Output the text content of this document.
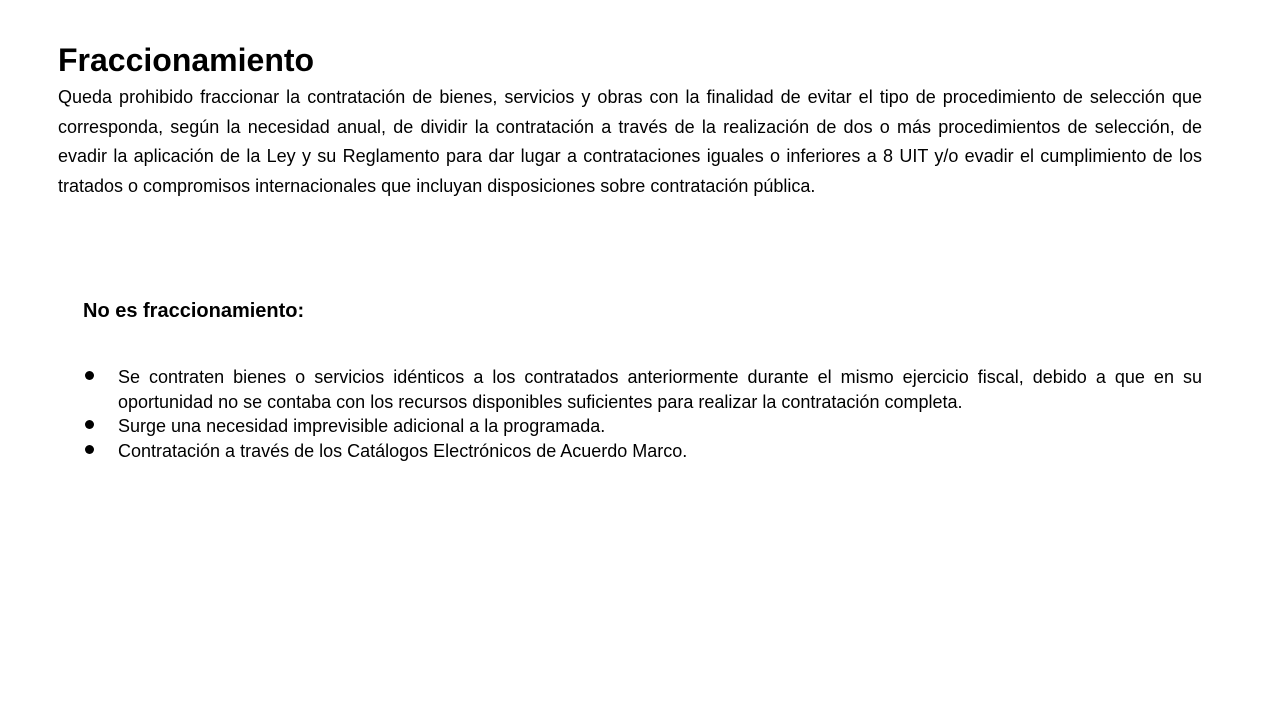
Fraccionamiento

Queda prohibido fraccionar la contratación de bienes, servicios y obras con la finalidad de evitar el tipo de procedimiento de selección que corresponda, según la necesidad anual, de dividir la contratación a través de la realización de dos o más procedimientos de selección, de evadir la aplicación de la Ley y su Reglamento para dar lugar a contrataciones iguales o inferiores a 8 UIT y/o evadir el cumplimiento de los tratados o compromisos internacionales que incluyan disposiciones sobre contratación pública.

No es fraccionamiento:
Se contraten bienes o servicios idénticos a los contratados anteriormente durante el mismo ejercicio fiscal, debido a que en su oportunidad no se contaba con los recursos disponibles suficientes para realizar la contratación completa.
Surge una necesidad imprevisible adicional a la programada.
Contratación a través de los Catálogos Electrónicos de Acuerdo Marco.
